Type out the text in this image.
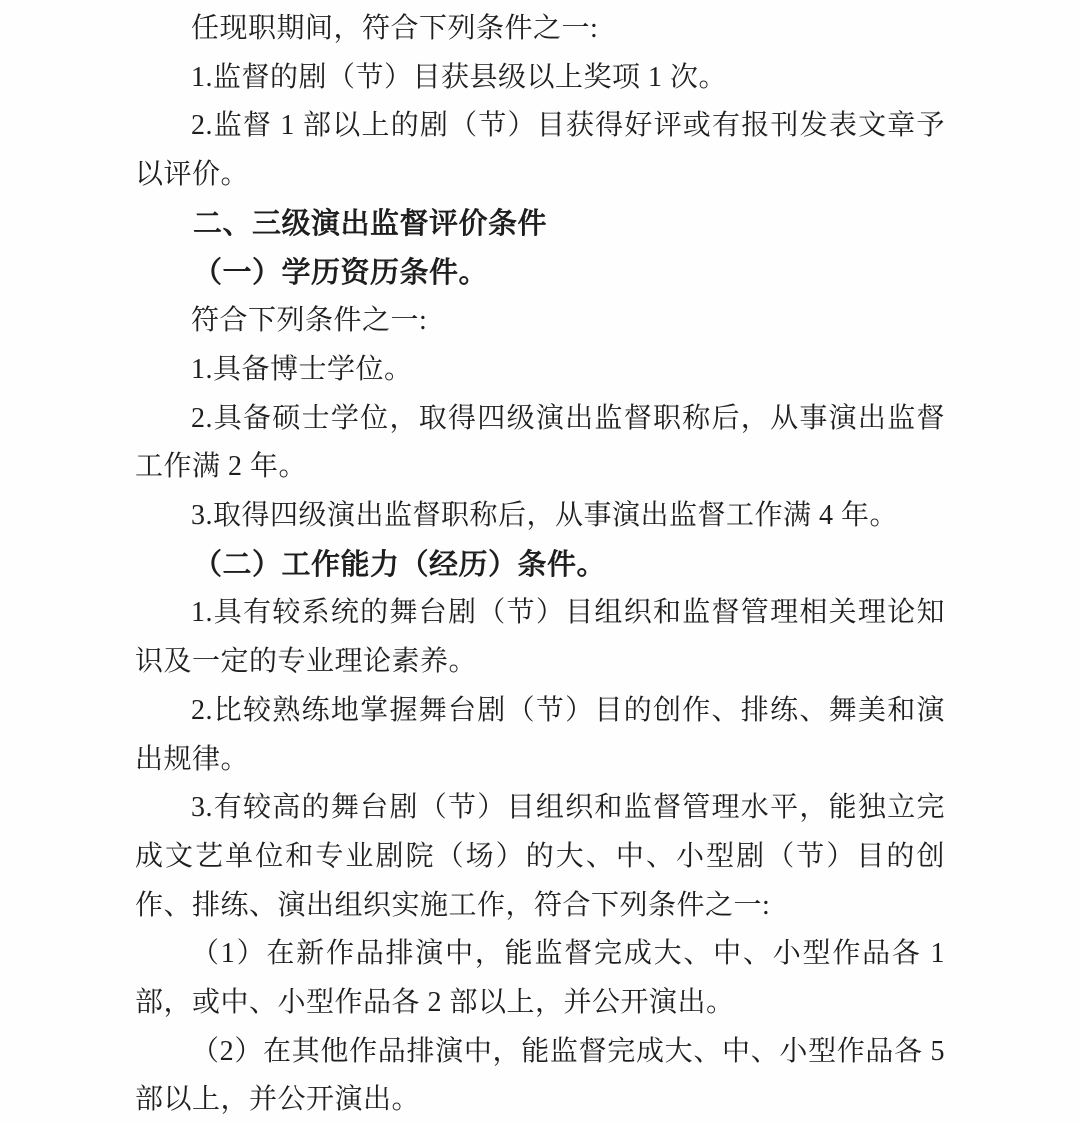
任现职期间，符合下列条件之一:

1.监督的剧（节）目获县级以上奖项 1 次。

2.监督 1 部以上的剧（节）目获得好评或有报刊发表文章予以评价。

二、三级演出监督评价条件

（一）学历资历条件。

符合下列条件之一:

1.具备博士学位。

2.具备硕士学位，取得四级演出监督职称后，从事演出监督工作满 2 年。

3.取得四级演出监督职称后，从事演出监督工作满 4 年。

（二）工作能力（经历）条件。

1.具有较系统的舞台剧（节）目组织和监督管理相关理论知识及一定的专业理论素养。

2.比较熟练地掌握舞台剧（节）目的创作、排练、舞美和演出规律。

3.有较高的舞台剧（节）目组织和监督管理水平，能独立完成文艺单位和专业剧院（场）的大、中、小型剧（节）目的创作、排练、演出组织实施工作，符合下列条件之一:

（1）在新作品排演中，能监督完成大、中、小型作品各 1 部，或中、小型作品各 2 部以上，并公开演出。

（2）在其他作品排演中，能监督完成大、中、小型作品各 5 部以上，并公开演出。
